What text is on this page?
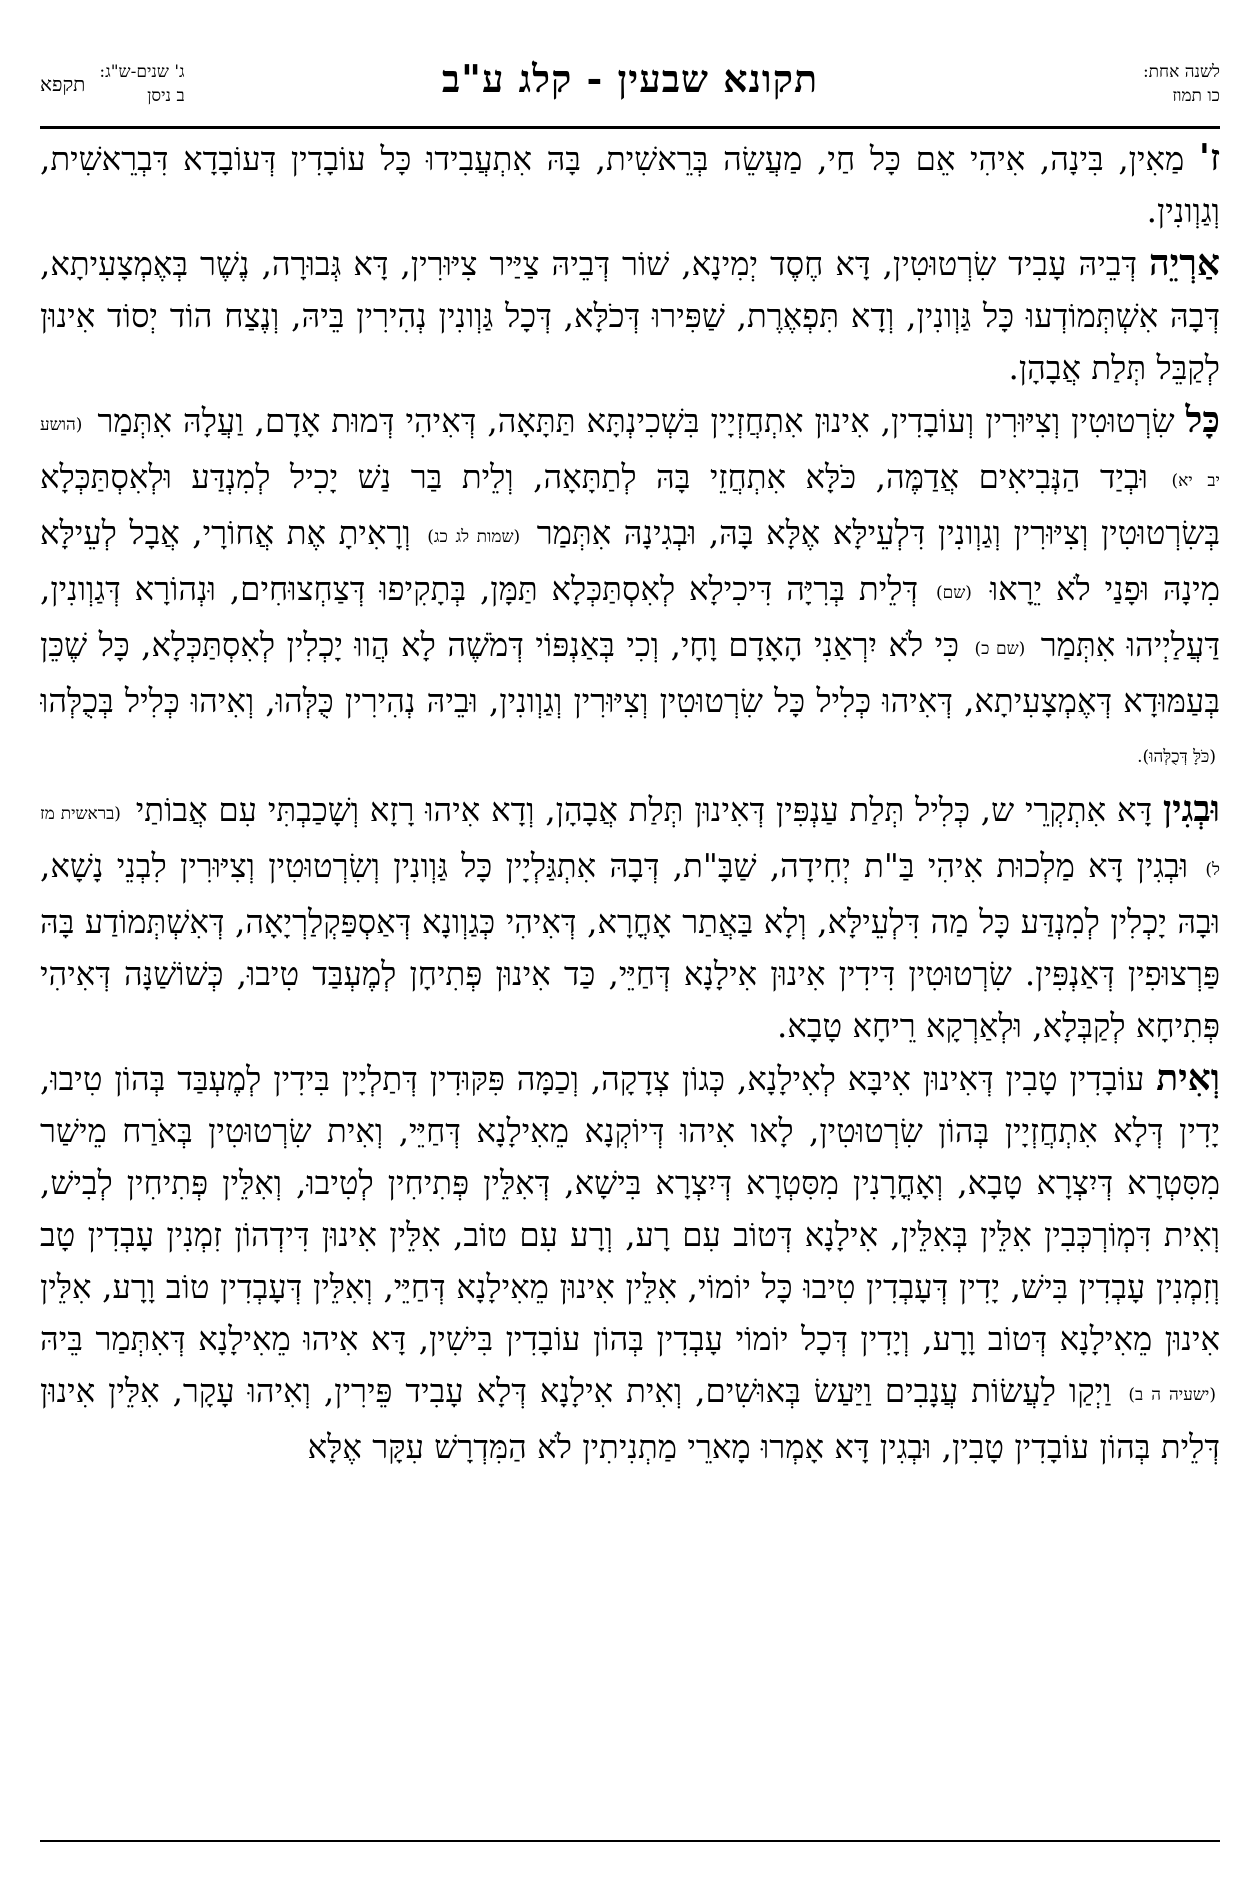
לשנה אחת:
כו תמוז
תקונא שבעין - קלג ע"ב
ג' שנים-ש"ג:
ב ניסן
תקפא

ז' מַאִין, בִּינָה, אִיהִי אֵם כָּל חַי, מַעֲשֵׂה בְּרֵאשִׁית, בָּהּ אִתְעֲבִידוּ כָּל עוֹבָדִין דְּעוֹבָדָא דִּבְרֵאשִׁית, וְגַוְונִין.

אַרְיֵה דְּבֵיהּ עָבִיד שִׂרְטוּטִין, דָּא חֶסֶד יְמִינָא, שׁוֹר דְּבֵיהּ צַיַּיר צִיּוּרִין, דָּא גְּבוּרָה, נֶשֶׁר בְּאֶמְצָעִיתָא, דְּבָהּ אִשְׁתְּמוֹדְעוּ כָּל גַּוְונִין, וְדָא תִּפְאֶרֶת, שַׁפִּירוּ דְּכֹלָּא, דְּכָל גַּוְונִין נְהִירִין בֵּיהּ, וְנֶצַח הוֹד יְסוֹד אִינוּן לְקַבֵּל תְּלַת אֲבָהָן.

כָּל שִׂרְטוּטִין וְצִיּוּרִין וְעוֹבָדִין, אִינוּן אִתְחֲזְיָין בִּשְׁכִינְתָּא תַּתָּאָה, דְּאִיהִי דְּמוּת אָדָם, וַעֲלָהּ אִתְּמַר (הושע יב יא) וּבְיַד הַנְּבִיאִים אֲדַמֶּה, כֹּלָּא אִתְחֲזֵי בָּהּ לְתַתָּאָה, וְלֵית בַּר נַשׁ יָכִיל לְמִנְדַּע וּלְאִסְתַּכְּלָא בְּשִׂרְטוּטִין וְצִיּוּרִין וְגַוְונִין דִּלְעֵילָּא אֶלָּא בָּהּ, וּבְגִינָהּ אִתְּמַר (שמות לג כג) וְרָאִיתָ אֶת אֲחוֹרָי, אֲבָל לְעֵילָּא מִינָהּ וּפָנַי לֹא יֵרָאוּ (שם) דְּלֵית בְּרִיָּה דִּיכִילָא לְאִסְתַּכְּלָא תַּמָּן, בְּתָקִיפוּ דְּצַחְצוּחִים, וּנְהוֹרָא דְּגַוְונִין, דַּעֲלַיְיהוּ אִתְּמַר (שם כ) כִּי לֹא יִרְאַנִי הָאָדָם וָחָי, וְכִי בְּאַנְפּוֹי דְּמֹשֶׁה לָא הֲווּ יָכְלִין לְאִסְתַּכְּלָא, כָּל שֶׁכֵּן בְּעַמּוּדָא דְּאֶמְצָעִיתָא, דְּאִיהוּ כְּלִיל כָּל שִׂרְטוּטִין וְצִיּוּרִין וְגַוְונִין, וּבֵיהּ נְהִירִין כֻּלְּהוּ, וְאִיהוּ כְּלִיל בְּכֻלְּהוּ (כֹּלָּ דְּכֻלְּהוּ).

וּבְגִין דָּא אִתְקְרֵי ש, כְּלִיל תְּלַת עַנְפִּין דְּאִינוּן תְּלַת אֲבָהָן, וְדָא אִיהוּ רָזָא וְשָׁכַבְתִּי עִם אֲבוֹתַי (בראשית מז ל) וּבְגִין דָּא מַלְכוּת אִיהִי בַּ"ת יְחִידָה, שַׁבָּ"ת, דְּבָהּ אִתְגַּלְיָין כָּל גַּוְונִין וְשִׂרְטוּטִין וְצִיּוּרִין לִבְנֵי נָשָׁא, וּבָהּ יָכְלִין לְמִנְדַּע כָּל מַה דִּלְעֵילָּא, וְלָא בַּאֲתַר אָחֳרָא, דְּאִיהִי כְּגַוְונָא דְּאַסְפַּקְלַרְיָאָה, דְּאִשְׁתְּמוֹדַע בָּהּ פַּרְצוּפִין דְּאַנְפִּין. שִׂרְטוּטִין דִּידִין אִינוּן אִילָנָא דְּחַיֵּי, כַּד אִינוּן פְּתִיחָן לְמֶעְבַּד טִיבוּ, כְּשׁוֹשַׁנָּה דְּאִיהִי פְּתִיחָא לְקַבְּלָא, וּלְאַרְקָא רֵיחָא טָבָא.

וְאִית עוֹבָדִין טָבִין דְּאִינוּן אִיבָּא לְאִילָנָא, כְּגוֹן צְדָקָה, וְכַמָּה פִּקּוּדִין דְּתַלְיָין בִּידִין לְמֶעְבַּד בְּהוֹן טִיבוּ, יָדִין דְּלָא אִתְחֲזְיָין בְּהוֹן שִׂרְטוּטִין, לָאו אִיהוּ דְּיוֹקְנָא מֵאִילָנָא דְּחַיֵּי, וְאִית שִׂרְטוּטִין בְּאֹרַח מֵישַׁר מִסִּטְרָא דְּיִצְרָא טָבָא, וְאָחֳרָנִין מִסִּטְרָא דְּיִצְרָא בִּישָׁא, דְּאִלֵּין פְּתִיחִין לְטִיבוּ, וְאִלֵּין פְּתִיחִין לְבִישׁ, וְאִית דִּמְוֹרְכְּבִין אִלֵּין בְּאִלֵּין, אִילָנָא דְּטוֹב עִם רָע, וְרָע עִם טוֹב, אִלֵּין אִינוּן דִּידְהוֹן זִמְנִין עָבְדִין טָב וְזִמְנִין עָבְדִין בִּישׁ, יָדִין דְּעָבְדִין טִיבוּ כָּל יוֹמוֹי, אִלֵּין אִינוּן מֵאִילָנָא דְּחַיֵּי, וְאִלֵּין דְּעָבְדִין טוֹב וָרָע, אִלֵּין אִינוּן מֵאִילָנָא דְּטוֹב וָרָע, וְיָדִין דְּכָל יוֹמוֹי עָבְדִין בְּהוֹן עוֹבָדִין בִּישִׁין, דָּא אִיהוּ מֵאִילָנָא דְּאִתְּמַר בֵּיהּ (ישעיה ה ב) וַיְקַו לַעֲשׂוֹת עֲנָבִים וַיַּעַשׂ בְּאוּשִׁים, וְאִית אִילָנָא דְּלָא עָבִיד פֵּירִין, וְאִיהוּ עָקָר, אִלֵּין אִינוּן דְּלֵית בְּהוֹן עוֹבָדִין טָבִין, וּבְגִין דָּא אָמְרוּ מָארֵי מַתְנִיתִין לֹא הַמִּדְרָשׁ עִקָּר אֶלָּא
